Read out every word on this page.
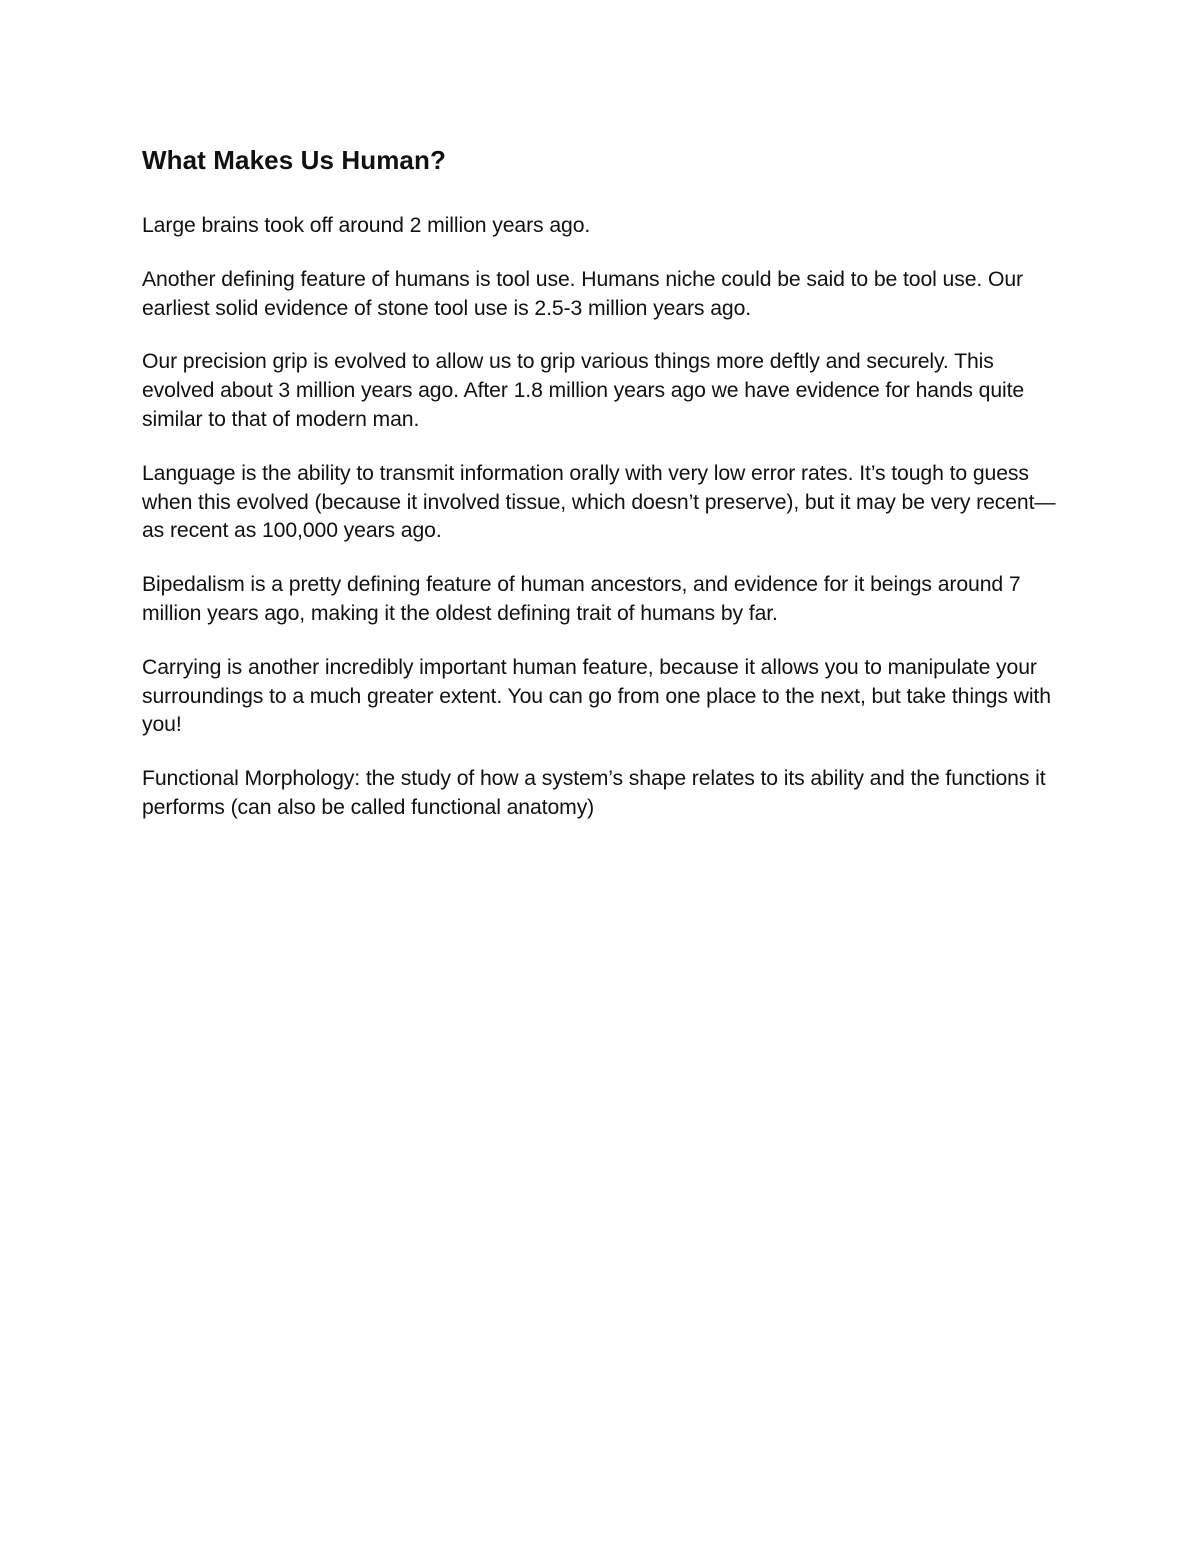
What Makes Us Human?

Large brains took off around 2 million years ago.

Another defining feature of humans is tool use. Humans niche could be said to be tool use. Our earliest solid evidence of stone tool use is 2.5-3 million years ago.

Our precision grip is evolved to allow us to grip various things more deftly and securely. This evolved about 3 million years ago. After 1.8 million years ago we have evidence for hands quite similar to that of modern man.

Language is the ability to transmit information orally with very low error rates. It’s tough to guess when this evolved (because it involved tissue, which doesn’t preserve), but it may be very recent—as recent as 100,000 years ago.

Bipedalism is a pretty defining feature of human ancestors, and evidence for it beings around 7 million years ago, making it the oldest defining trait of humans by far.

Carrying is another incredibly important human feature, because it allows you to manipulate your surroundings to a much greater extent. You can go from one place to the next, but take things with you!

Functional Morphology: the study of how a system’s shape relates to its ability and the functions it performs (can also be called functional anatomy)
